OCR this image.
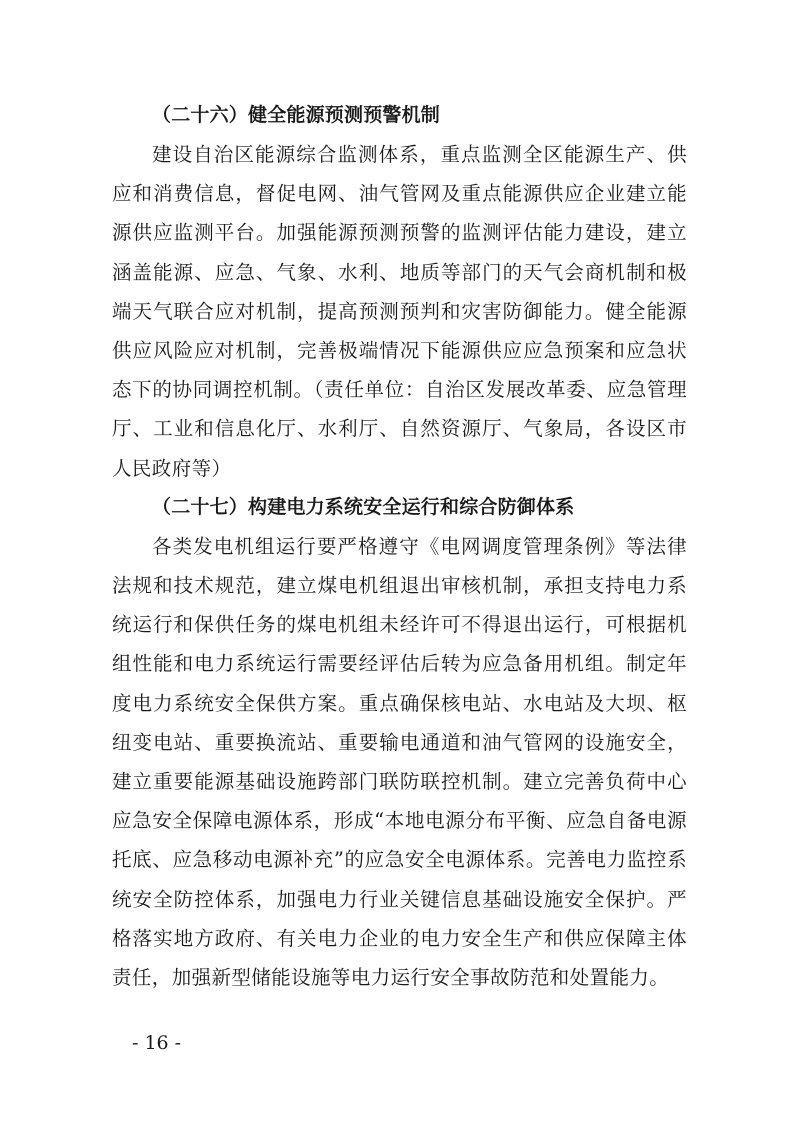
（二十六）健全能源预测预警机制

建设自治区能源综合监测体系，重点监测全区能源生产、供应和消费信息，督促电网、油气管网及重点能源供应企业建立能源供应监测平台。加强能源预测预警的监测评估能力建设，建立涵盖能源、应急、气象、水利、地质等部门的天气会商机制和极端天气联合应对机制，提高预测预判和灾害防御能力。健全能源供应风险应对机制，完善极端情况下能源供应应急预案和应急状态下的协同调控机制。（责任单位：自治区发展改革委、应急管理厅、工业和信息化厅、水利厅、自然资源厅、气象局，各设区市人民政府等）

（二十七）构建电力系统安全运行和综合防御体系

各类发电机组运行要严格遵守《电网调度管理条例》等法律法规和技术规范，建立煤电机组退出审核机制，承担支持电力系统运行和保供任务的煤电机组未经许可不得退出运行，可根据机组性能和电力系统运行需要经评估后转为应急备用机组。制定年度电力系统安全保供方案。重点确保核电站、水电站及大坝、枢纽变电站、重要换流站、重要输电通道和油气管网的设施安全，建立重要能源基础设施跨部门联防联控机制。建立完善负荷中心应急安全保障电源体系，形成“本地电源分布平衡、应急自备电源托底、应急移动电源补充”的应急安全电源体系。完善电力监控系统安全防控体系，加强电力行业关键信息基础设施安全保护。严格落实地方政府、有关电力企业的电力安全生产和供应保障主体责任，加强新型储能设施等电力运行安全事故防范和处置能力。

- 16 -
